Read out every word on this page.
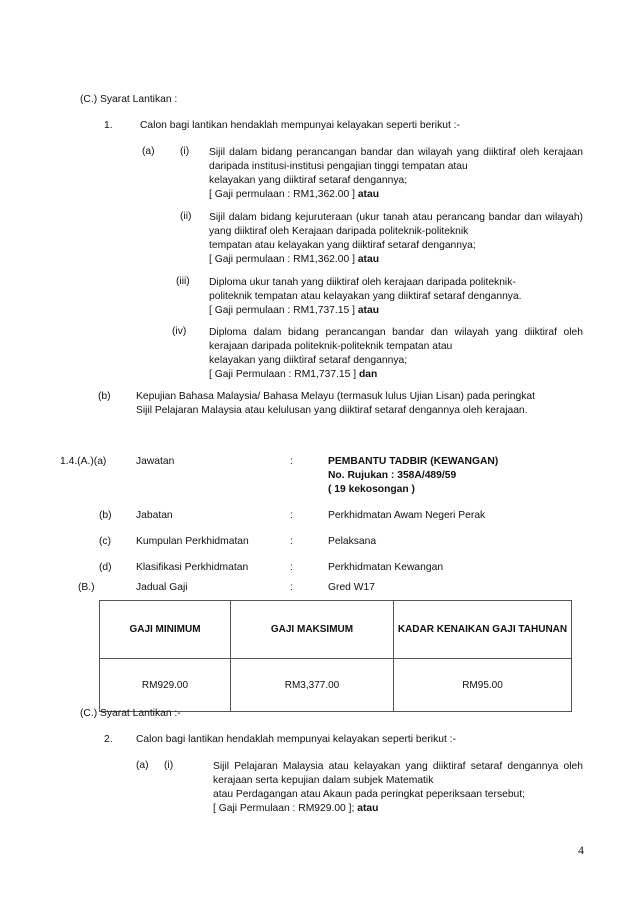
(C.) Syarat Lantikan :
1.	Calon bagi lantikan hendaklah mempunyai kelayakan seperti berikut :-
(a) (i) Sijil dalam bidang perancangan bandar dan wilayah yang diiktiraf oleh kerajaan daripada institusi-institusi pengajian tinggi tempatan atau
kelayakan yang diiktiraf setaraf dengannya;
[ Gaji permulaan : RM1,362.00 ] atau
(ii) Sijil dalam bidang kejuruteraan (ukur tanah atau perancang bandar dan wilayah) yang diiktiraf oleh Kerajaan daripada politeknik-politeknik
tempatan atau kelayakan yang diiktiraf setaraf dengannya;
[ Gaji permulaan : RM1,362.00 ] atau
(iii) Diploma ukur tanah yang diiktiraf oleh kerajaan daripada politeknik-
politeknik tempatan atau kelayakan yang diiktiraf setaraf dengannya.
[ Gaji permulaan : RM1,737.15 ] atau
(iv) Diploma dalam bidang perancangan bandar dan wilayah yang diiktiraf oleh kerajaan daripada politeknik-politeknik tempatan atau
kelayakan yang diiktiraf setaraf dengannya;
[ Gaji Permulaan : RM1,737.15 ] dan
(b) Kepujian Bahasa Malaysia/ Bahasa Melayu (termasuk lulus Ujian Lisan) pada peringkat
Sijil Pelajaran Malaysia atau kelulusan yang diiktiraf setaraf dengannya oleh kerajaan.
1.4.(A.)(a)	Jawatan	:	PEMBANTU TADBIR (KEWANGAN)
No. Rujukan : 358A/489/59
( 19 kekosongan )
(b) Jabatan	:	Perkhidmatan Awam Negeri Perak
(c) Kumpulan Perkhidmatan	:	Pelaksana
(d) Klasifikasi Perkhidmatan	:	Perkhidmatan Kewangan
(B.)	Jadual Gaji	:	Gred W17
GAJI MINIMUM	GAJI MAKSIMUM	KADAR KENAIKAN GAJI TAHUNAN
RM929.00	RM3,377.00	RM95.00
(C.) Syarat Lantikan :-
2. Calon bagi lantikan hendaklah mempunyai kelayakan seperti berikut :-
(a) (i)	Sijil Pelajaran Malaysia atau kelayakan yang diiktiraf setaraf dengannya oleh kerajaan serta kepujian dalam subjek Matematik
atau Perdagangan atau Akaun pada peringkat peperiksaan tersebut;
[ Gaji Permulaan : RM929.00 ]; atau
4
